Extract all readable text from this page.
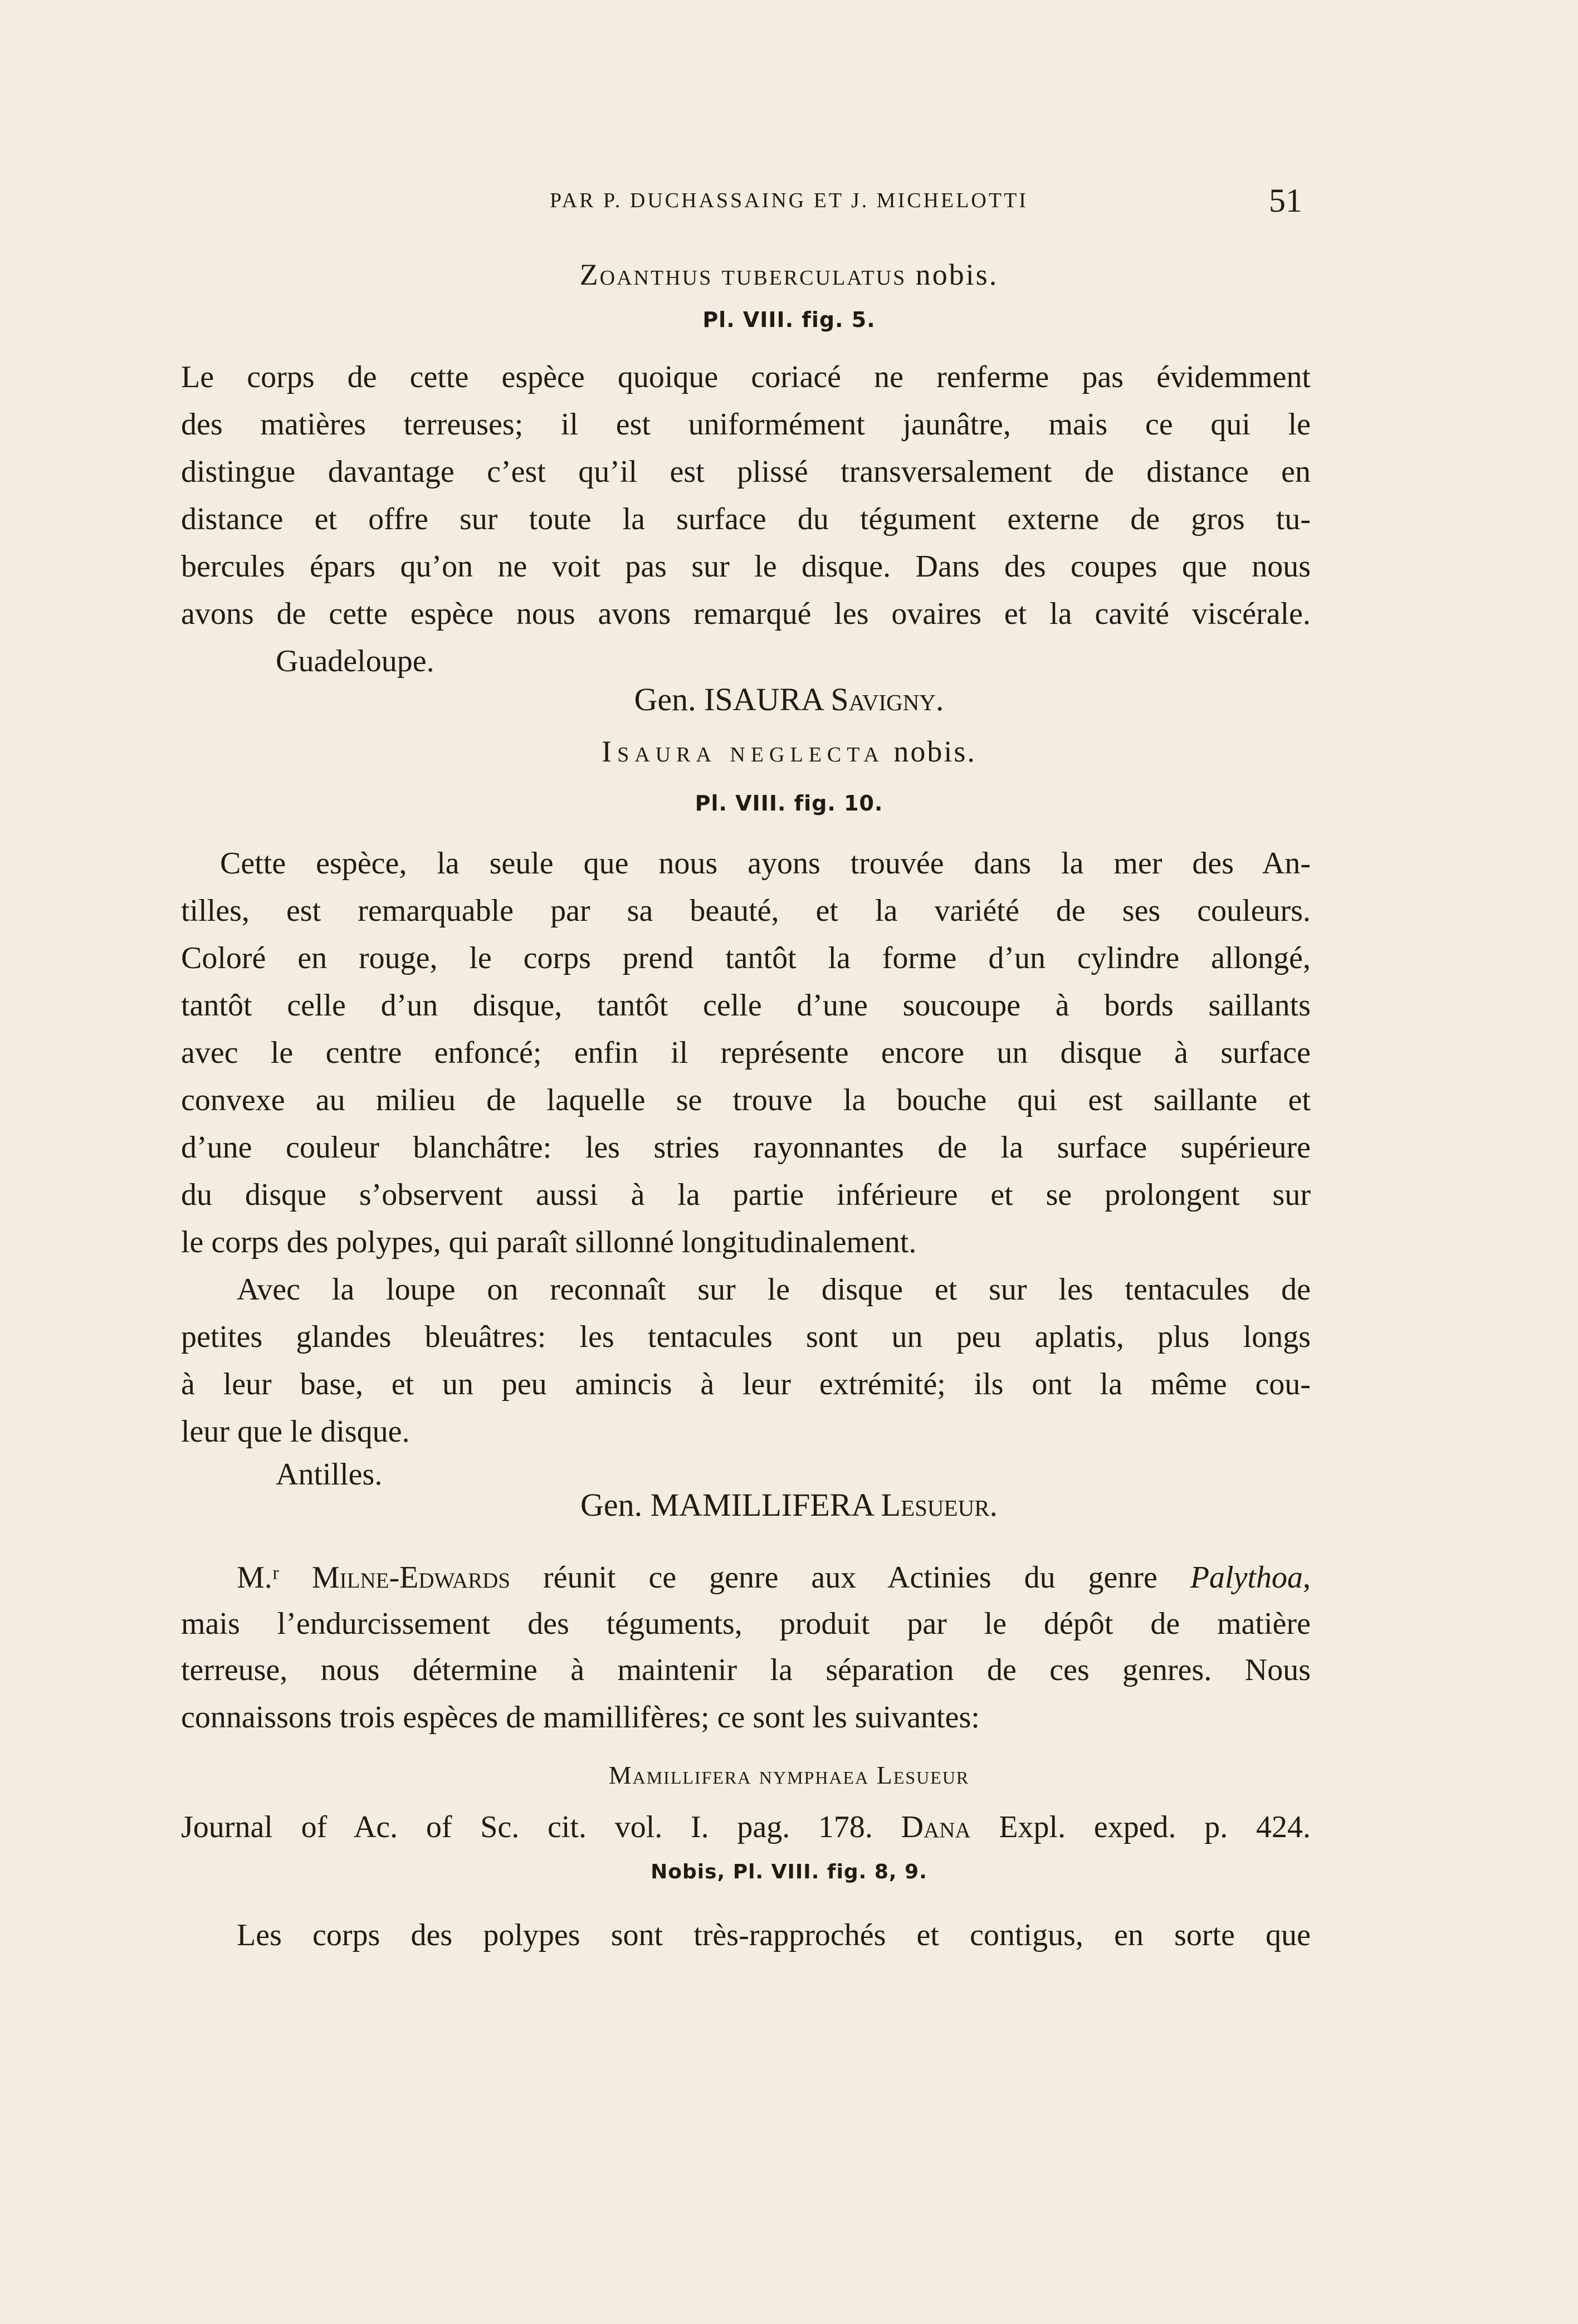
PAR P. DUCHASSAING ET J. MICHELOTTI	51
Zoanthus tuberculatus nobis.
Pl. VIII. fig. 5.
Le corps de cette espèce quoique coriacé ne renferme pas évidemment
des matières terreuses; il est uniformément jaunâtre, mais ce qui le
distingue davantage c’est qu’il est plissé transversalement de distance en
distance et offre sur toute la surface du tégument externe de gros tu-
bercules épars qu’on ne voit pas sur le disque. Dans des coupes que nous
avons de cette espèce nous avons remarqué les ovaires et la cavité viscérale.
Guadeloupe.
Gen. ISAURA Savigny.
Isaura neglecta nobis.
Pl. VIII. fig. 10.
Cette espèce, la seule que nous ayons trouvée dans la mer des An-
tilles, est remarquable par sa beauté, et la variété de ses couleurs.
Coloré en rouge, le corps prend tantôt la forme d’un cylindre allongé,
tantôt celle d’un disque, tantôt celle d’une soucoupe à bords saillants
avec le centre enfoncé; enfin il représente encore un disque à surface
convexe au milieu de laquelle se trouve la bouche qui est saillante et
d’une couleur blanchâtre: les stries rayonnantes de la surface supérieure
du disque s’observent aussi à la partie inférieure et se prolongent sur
le corps des polypes, qui paraît sillonné longitudinalement.
Avec la loupe on reconnaît sur le disque et sur les tentacules de
petites glandes bleuâtres: les tentacules sont un peu aplatis, plus longs
à leur base, et un peu amincis à leur extrémité; ils ont la même cou-
leur que le disque.
Antilles.
Gen. MAMILLIFERA Lesueur.
M.ʳ Milne-Edwards réunit ce genre aux Actinies du genre Palythoa,
mais l’endurcissement des téguments, produit par le dépôt de matière
terreuse, nous détermine à maintenir la séparation de ces genres. Nous
connaissons trois espèces de mamillifères; ce sont les suivantes:
Mamillifera nymphaea Lesueur
Journal of Ac. of Sc. cit. vol. I. pag. 178. Dana Expl. exped. p. 424.
Nobis, Pl. VIII. fig. 8, 9.
Les corps des polypes sont très-rapprochés et contigus, en sorte que
